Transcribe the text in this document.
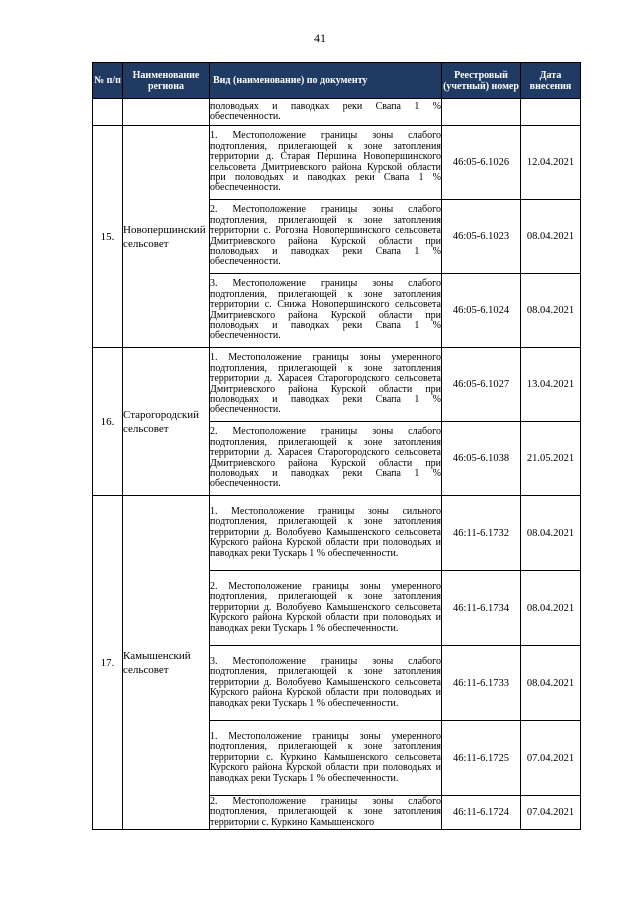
41
№ п/п	Наименование региона	Вид (наименование) по документу	Реестровый (учетный) номер	Дата внесения
		половодьях и паводках реки Свапа 1 % обеспеченности.		
15.	Новопершинский сельсовет	1. Местоположение границы зоны слабого подтопления, прилегающей к зоне затопления территории д. Старая Першина Новопершинского сельсовета Дмитриевского района Курской области при половодьях и паводках реки Свапа 1 % обеспеченности.	46:05-6.1026	12.04.2021
		2. Местоположение границы зоны слабого подтопления, прилегающей к зоне затопления территории с. Рогозна Новопершинского сельсовета Дмитриевского района Курской области при половодьях и паводках реки Свапа 1 % обеспеченности.	46:05-6.1023	08.04.2021
		3. Местоположение границы зоны слабого подтопления, прилегающей к зоне затопления территории с. Снижа Новопершинского сельсовета Дмитриевского района Курской области при половодьях и паводках реки Свапа 1 % обеспеченности.	46:05-6.1024	08.04.2021
16.	Старогородский сельсовет	1. Местоположение границы зоны умеренного подтопления, прилегающей к зоне затопления территории д. Харасея Старогородского сельсовета Дмитриевского района Курской области при половодьях и паводках реки Свапа 1 % обеспеченности.	46:05-6.1027	13.04.2021
		2. Местоположение границы зоны слабого подтопления, прилегающей к зоне затопления территории д. Харасея Старогородского сельсовета Дмитриевского района Курской области при половодьях и паводках реки Свапа 1 % обеспеченности.	46:05-6.1038	21.05.2021
17.	Камышенский сельсовет	1. Местоположение границы зоны сильного подтопления, прилегающей к зоне затопления территории д. Волобуево Камышенского сельсовета Курского района Курской области при половодьях и паводках реки Тускарь 1 % обеспеченности.	46:11-6.1732	08.04.2021
		2. Местоположение границы зоны умеренного подтопления, прилегающей к зоне затопления территории д. Волобуево Камышенского сельсовета Курского района Курской области при половодьях и паводках реки Тускарь 1 % обеспеченности.	46:11-6.1734	08.04.2021
		3. Местоположение границы зоны слабого подтопления, прилегающей к зоне затопления территории д. Волобуево Камышенского сельсовета Курского района Курской области при половодьях и паводках реки Тускарь 1 % обеспеченности.	46:11-6.1733	08.04.2021
		1. Местоположение границы зоны умеренного подтопления, прилегающей к зоне затопления территории с. Куркино Камышенского сельсовета Курского района Курской области при половодьях и паводках реки Тускарь 1 % обеспеченности.	46:11-6.1725	07.04.2021
		2. Местоположение границы зоны слабого подтопления, прилегающей к зоне затопления территории с. Куркино Камышенского	46:11-6.1724	07.04.2021
